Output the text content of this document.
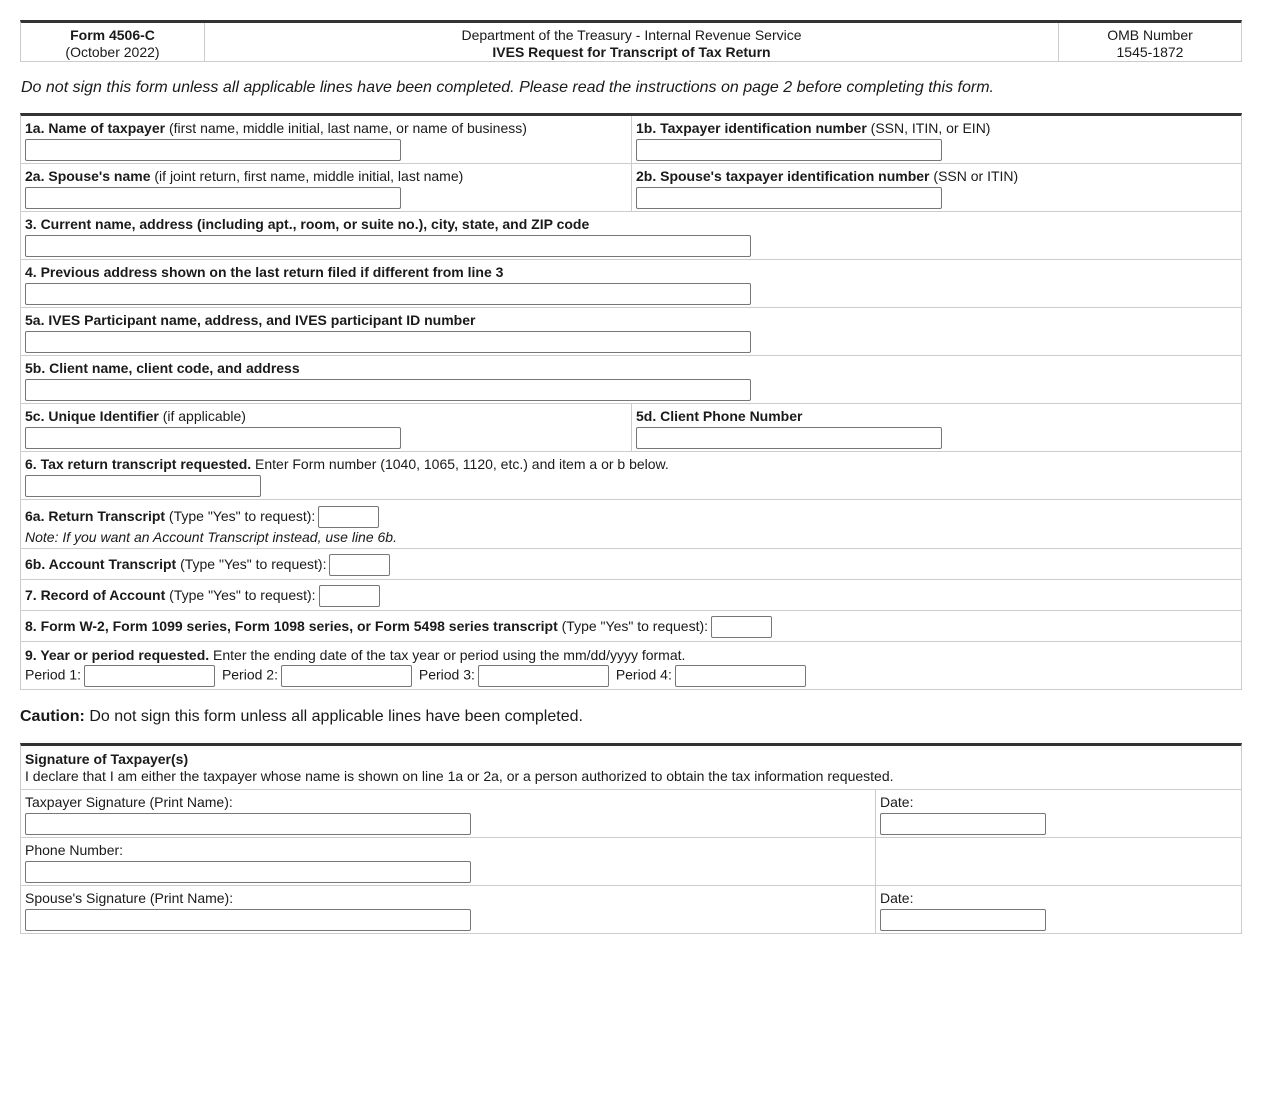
Form 4506-C
(October 2022)
Department of the Treasury - Internal Revenue Service
IVES Request for Transcript of Tax Return
OMB Number
1545-1872
Do not sign this form unless all applicable lines have been completed. Please read the instructions on page 2 before completing this form.
1a. Name of taxpayer (first name, middle initial, last name, or name of business)	1b. Taxpayer identification number (SSN, ITIN, or EIN)
2a. Spouse's name (if joint return, first name, middle initial, last name)	2b. Spouse's taxpayer identification number (SSN or ITIN)
3. Current name, address (including apt., room, or suite no.), city, state, and ZIP code
4. Previous address shown on the last return filed if different from line 3
5a. IVES Participant name, address, and IVES participant ID number
5b. Client name, client code, and address
5c. Unique Identifier (if applicable)	5d. Client Phone Number
6. Tax return transcript requested. Enter Form number (1040, 1065, 1120, etc.) and item a or b below.
6a. Return Transcript (Type "Yes" to request):
Note: If you want an Account Transcript instead, use line 6b.
6b. Account Transcript (Type "Yes" to request):
7. Record of Account (Type "Yes" to request):
8. Form W-2, Form 1099 series, Form 1098 series, or Form 5498 series transcript (Type "Yes" to request):
9. Year or period requested. Enter the ending date of the tax year or period using the mm/dd/yyyy format.
Period 1:	Period 2:	Period 3:	Period 4:
Caution: Do not sign this form unless all applicable lines have been completed.
Signature of Taxpayer(s)
I declare that I am either the taxpayer whose name is shown on line 1a or 2a, or a person authorized to obtain the tax information requested.
Taxpayer Signature (Print Name):	Date:
Phone Number:
Spouse's Signature (Print Name):	Date:
